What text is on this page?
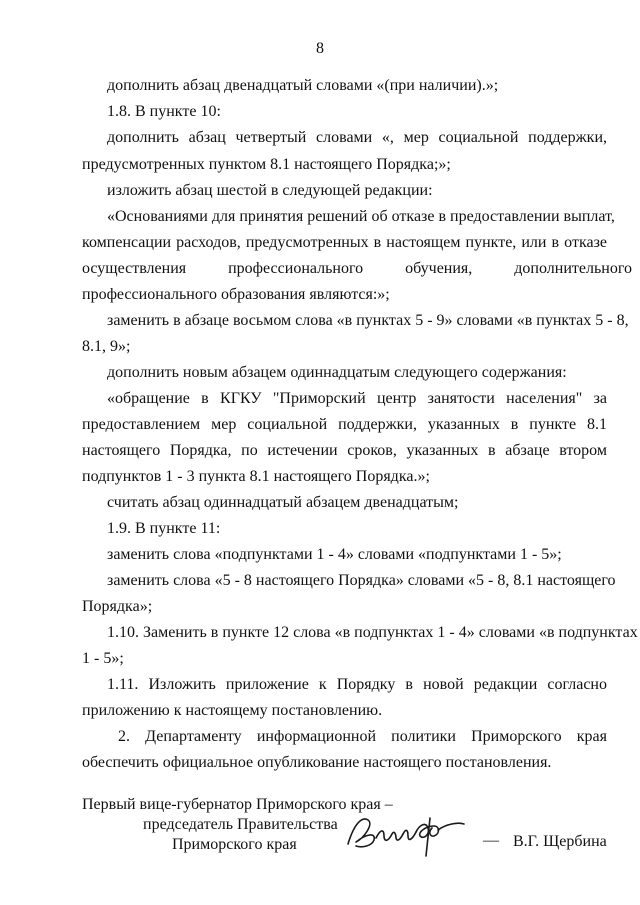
8
дополнить абзац двенадцатый словами «(при наличии).»;
1.8. В пункте 10:
дополнить абзац четвертый словами «, мер социальной поддержки,
предусмотренных пунктом 8.1 настоящего Порядка;»;
изложить абзац шестой в следующей редакции:
«Основаниями для принятия решений об отказе в предоставлении выплат,
компенсации расходов, предусмотренных в настоящем пункте, или в отказе
осуществления профессионального обучения, дополнительного
профессионального образования являются:»;
заменить в абзаце восьмом слова «в пунктах 5 - 9» словами «в пунктах 5 - 8,
8.1, 9»;
дополнить новым абзацем одиннадцатым следующего содержания:
«обращение в КГКУ "Приморский центр занятости населения" за
предоставлением мер социальной поддержки, указанных в пункте 8.1
настоящего Порядка, по истечении сроков, указанных в абзаце втором
подпунктов 1 - 3 пункта 8.1 настоящего Порядка.»;
считать абзац одиннадцатый абзацем двенадцатым;
1.9. В пункте 11:
заменить слова «подпунктами 1 - 4» словами «подпунктами 1 - 5»;
заменить слова «5 - 8 настоящего Порядка» словами «5 - 8, 8.1 настоящего
Порядка»;
1.10. Заменить в пункте 12 слова «в подпунктах 1 - 4» словами «в подпунктах
1 - 5»;
1.11. Изложить приложение к Порядку в новой редакции согласно
приложению к настоящему постановлению.
2. Департаменту информационной политики Приморского края
обеспечить официальное опубликование настоящего постановления.
Первый вице-губернатор Приморского края –
председатель Правительства
Приморского края	— В.Г. Щербина
